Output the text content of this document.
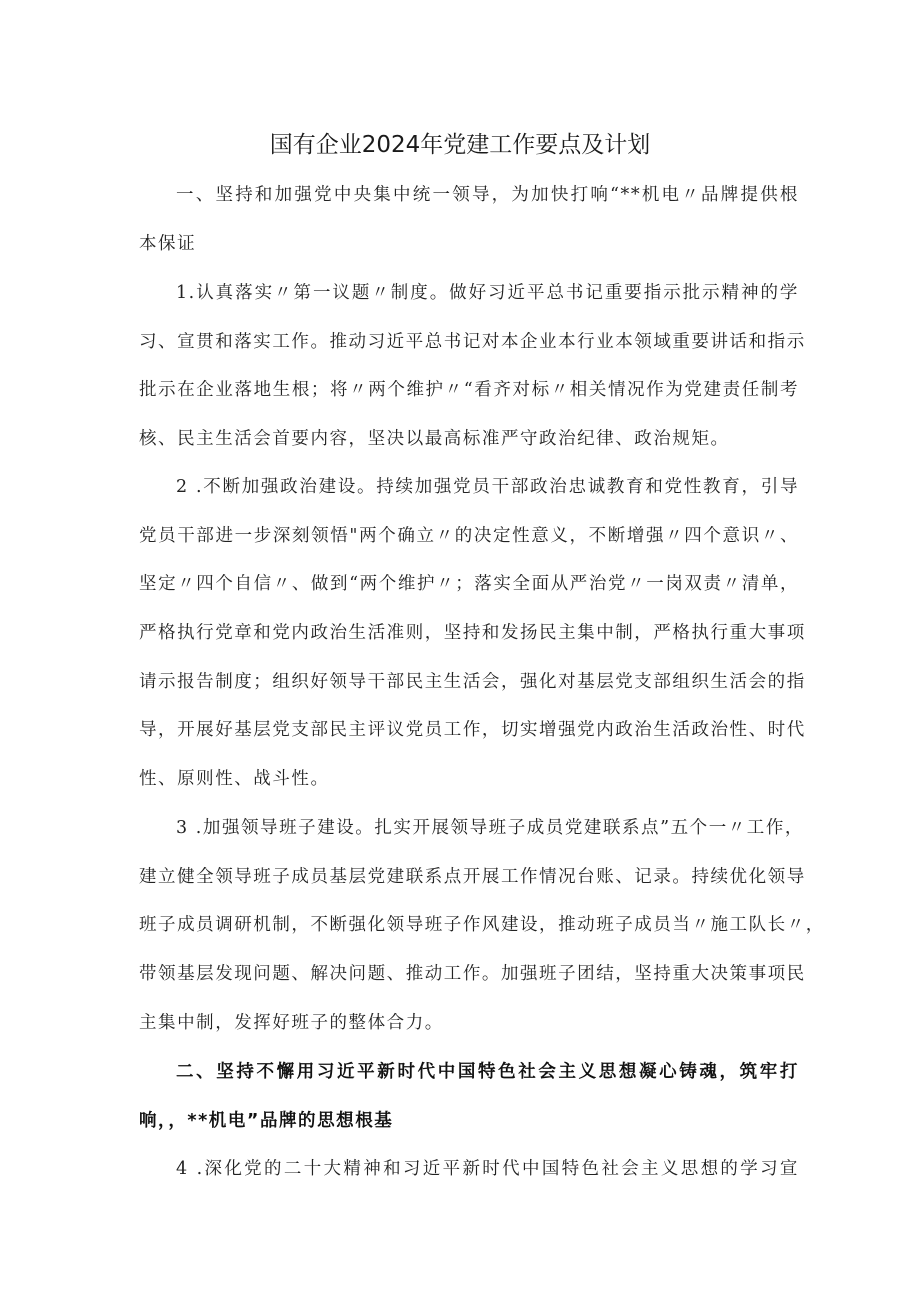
国有企业2024年党建工作要点及计划
一、坚持和加强党中央集中统一领导，为加快打响“**机电〃品牌提供根
本保证
1.认真落实〃第一议题〃制度。做好习近平总书记重要指示批示精神的学
习、宣贯和落实工作。推动习近平总书记对本企业本行业本领域重要讲话和指示
批示在企业落地生根；将〃两个维护〃“看齐对标〃相关情况作为党建责任制考
核、民主生活会首要内容，坚决以最高标准严守政治纪律、政治规矩。
2 .不断加强政治建设。持续加强党员干部政治忠诚教育和党性教育，引导
党员干部进一步深刻领悟"两个确立〃的决定性意义，不断增强〃四个意识〃、
坚定〃四个自信〃、做到“两个维护〃；落实全面从严治党〃一岗双责〃清单，
严格执行党章和党内政治生活准则，坚持和发扬民主集中制，严格执行重大事项
请示报告制度；组织好领导干部民主生活会，强化对基层党支部组织生活会的指
导，开展好基层党支部民主评议党员工作，切实增强党内政治生活政治性、时代
性、原则性、战斗性。
3 .加强领导班子建设。扎实开展领导班子成员党建联系点”五个一〃工作，
建立健全领导班子成员基层党建联系点开展工作情况台账、记录。持续优化领导
班子成员调研机制，不断强化领导班子作风建设，推动班子成员当〃施工队长〃，
带领基层发现问题、解决问题、推动工作。加强班子团结，坚持重大决策事项民
主集中制，发挥好班子的整体合力。
二、坚持不懈用习近平新时代中国特色社会主义思想凝心铸魂，筑牢打
响，，**机电”品牌的思想根基
4 .深化党的二十大精神和习近平新时代中国特色社会主义思想的学习宣
